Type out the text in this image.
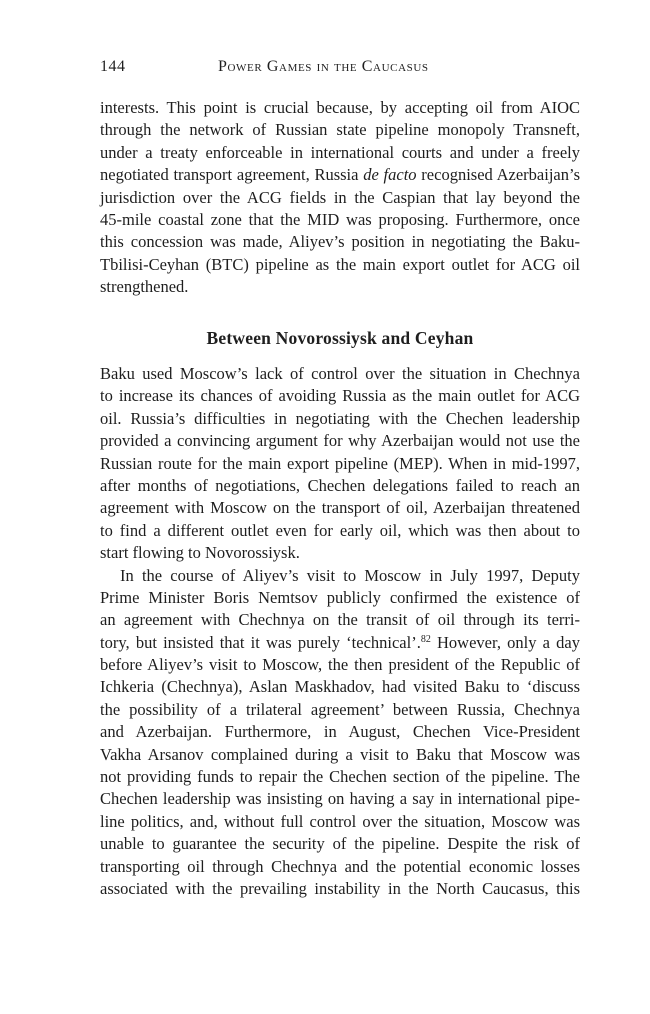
144	Power Games in the Caucasus
interests. This point is crucial because, by accepting oil from AIOC
through the network of Russian state pipeline monopoly Transneft,
under a treaty enforceable in international courts and under a freely
negotiated transport agreement, Russia de facto recognised Azerbaijan’s
jurisdiction over the ACG fields in the Caspian that lay beyond the
45-mile coastal zone that the MID was proposing. Furthermore, once
this concession was made, Aliyev’s position in negotiating the Baku-
Tbilisi-Ceyhan (BTC) pipeline as the main export outlet for ACG oil
strengthened.
Between Novorossiysk and Ceyhan
Baku used Moscow’s lack of control over the situation in Chechnya
to increase its chances of avoiding Russia as the main outlet for ACG
oil. Russia’s difficulties in negotiating with the Chechen leadership
provided a convincing argument for why Azerbaijan would not use the
Russian route for the main export pipeline (MEP). When in mid-1997,
after months of negotiations, Chechen delegations failed to reach an
agreement with Moscow on the transport of oil, Azerbaijan threatened
to find a different outlet even for early oil, which was then about to
start flowing to Novorossiysk.
In the course of Aliyev’s visit to Moscow in July 1997, Deputy
Prime Minister Boris Nemtsov publicly confirmed the existence of
an agreement with Chechnya on the transit of oil through its terri-
tory, but insisted that it was purely ‘technical’.$^{82}$ However, only a day
before Aliyev’s visit to Moscow, the then president of the Republic of
Ichkeria (Chechnya), Aslan Maskhadov, had visited Baku to ‘discuss
the possibility of a trilateral agreement’ between Russia, Chechnya
and Azerbaijan. Furthermore, in August, Chechen Vice-President
Vakha Arsanov complained during a visit to Baku that Moscow was
not providing funds to repair the Chechen section of the pipeline. The
Chechen leadership was insisting on having a say in international pipe-
line politics, and, without full control over the situation, Moscow was
unable to guarantee the security of the pipeline. Despite the risk of
transporting oil through Chechnya and the potential economic losses
associated with the prevailing instability in the North Caucasus, this
